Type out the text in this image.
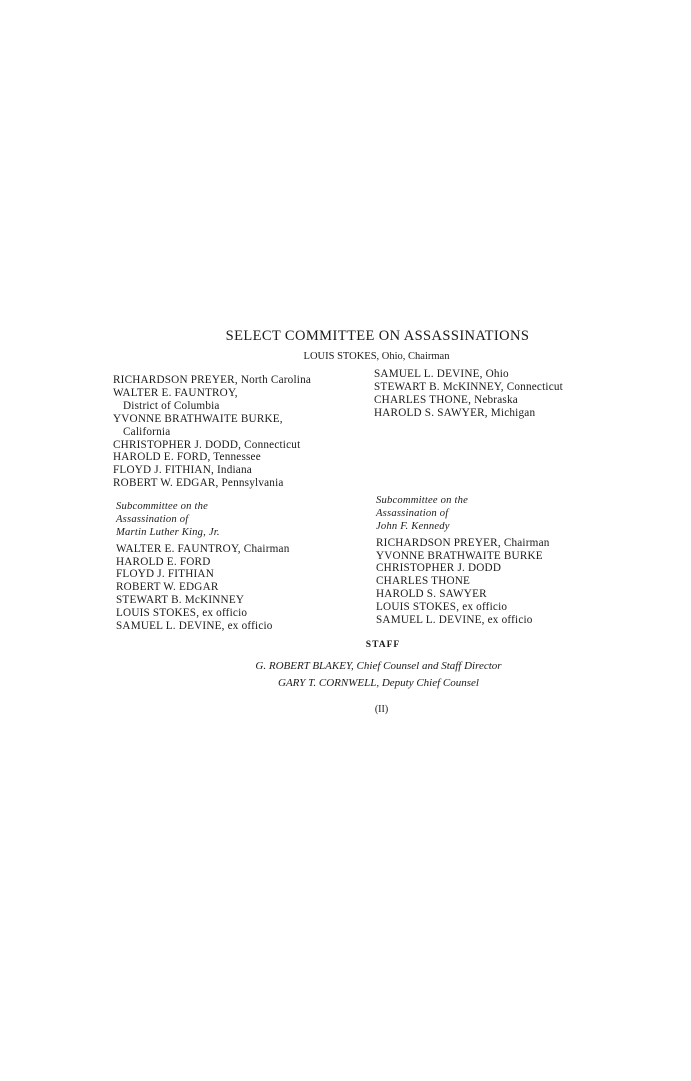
SELECT COMMITTEE ON ASSASSINATIONS
LOUIS STOKES, Ohio, Chairman
RICHARDSON PREYER, North Carolina
WALTER E. FAUNTROY,
District of Columbia
YVONNE BRATHWAITE BURKE,
California
CHRISTOPHER J. DODD, Connecticut
HAROLD E. FORD, Tennessee
FLOYD J. FITHIAN, Indiana
ROBERT W. EDGAR, Pennsylvania
SAMUEL L. DEVINE, Ohio
STEWART B. McKINNEY, Connecticut
CHARLES THONE, Nebraska
HAROLD S. SAWYER, Michigan
Subcommittee on the
Assassination of
Martin Luther King, Jr.
WALTER E. FAUNTROY, Chairman
HAROLD E. FORD
FLOYD J. FITHIAN
ROBERT W. EDGAR
STEWART B. McKINNEY
LOUIS STOKES, ex officio
SAMUEL L. DEVINE, ex officio
Subcommittee on the
Assassination of
John F. Kennedy
RICHARDSON PREYER, Chairman
YVONNE BRATHWAITE BURKE
CHRISTOPHER J. DODD
CHARLES THONE
HAROLD S. SAWYER
LOUIS STOKES, ex officio
SAMUEL L. DEVINE, ex officio
STAFF
G. ROBERT BLAKEY, Chief Counsel and Staff Director
GARY T. CORNWELL, Deputy Chief Counsel
(II)
